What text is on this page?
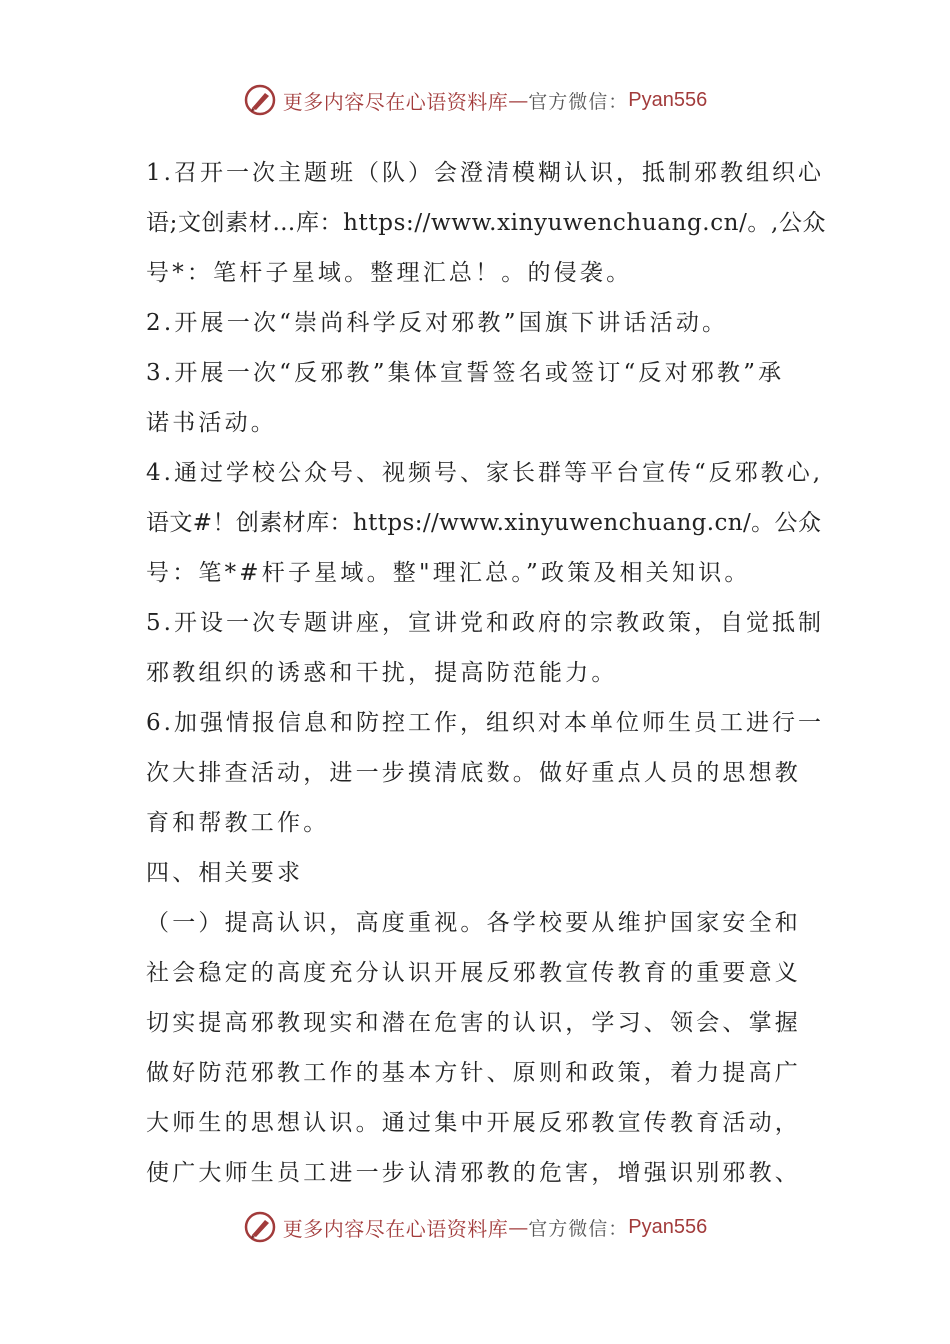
更多内容尽在心语资料库 — 官方微信： Pyan556
1.召开一次主题班（队）会澄清模糊认识，抵制邪教组织心
语;文创素材…库：https://www.xinyuwenchuang.cn/。,公众
号*：笔杆子星域。整理汇总！。的侵袭。
2.开展一次“崇尚科学反对邪教”国旗下讲话活动。
3.开展一次“反邪教”集体宣誓签名或签订“反对邪教”承
诺书活动。
4.通过学校公众号、视频号、家长群等平台宣传“反邪教心,
语文#！创素材库：https://www.xinyuwenchuang.cn/。公众
号：笔*#杆子星域。整"理汇总。”政策及相关知识。
5.开设一次专题讲座，宣讲党和政府的宗教政策，自觉抵制
邪教组织的诱惑和干扰，提高防范能力。
6.加强情报信息和防控工作，组织对本单位师生员工进行一
次大排查活动，进一步摸清底数。做好重点人员的思想教
育和帮教工作。
四、相关要求
（一）提高认识，高度重视。各学校要从维护国家安全和
社会稳定的高度充分认识开展反邪教宣传教育的重要意义
切实提高邪教现实和潜在危害的认识，学习、领会、掌握
做好防范邪教工作的基本方针、原则和政策，着力提高广
大师生的思想认识。通过集中开展反邪教宣传教育活动，
使广大师生员工进一步认清邪教的危害，增强识别邪教、
更多内容尽在心语资料库 — 官方微信： Pyan556
